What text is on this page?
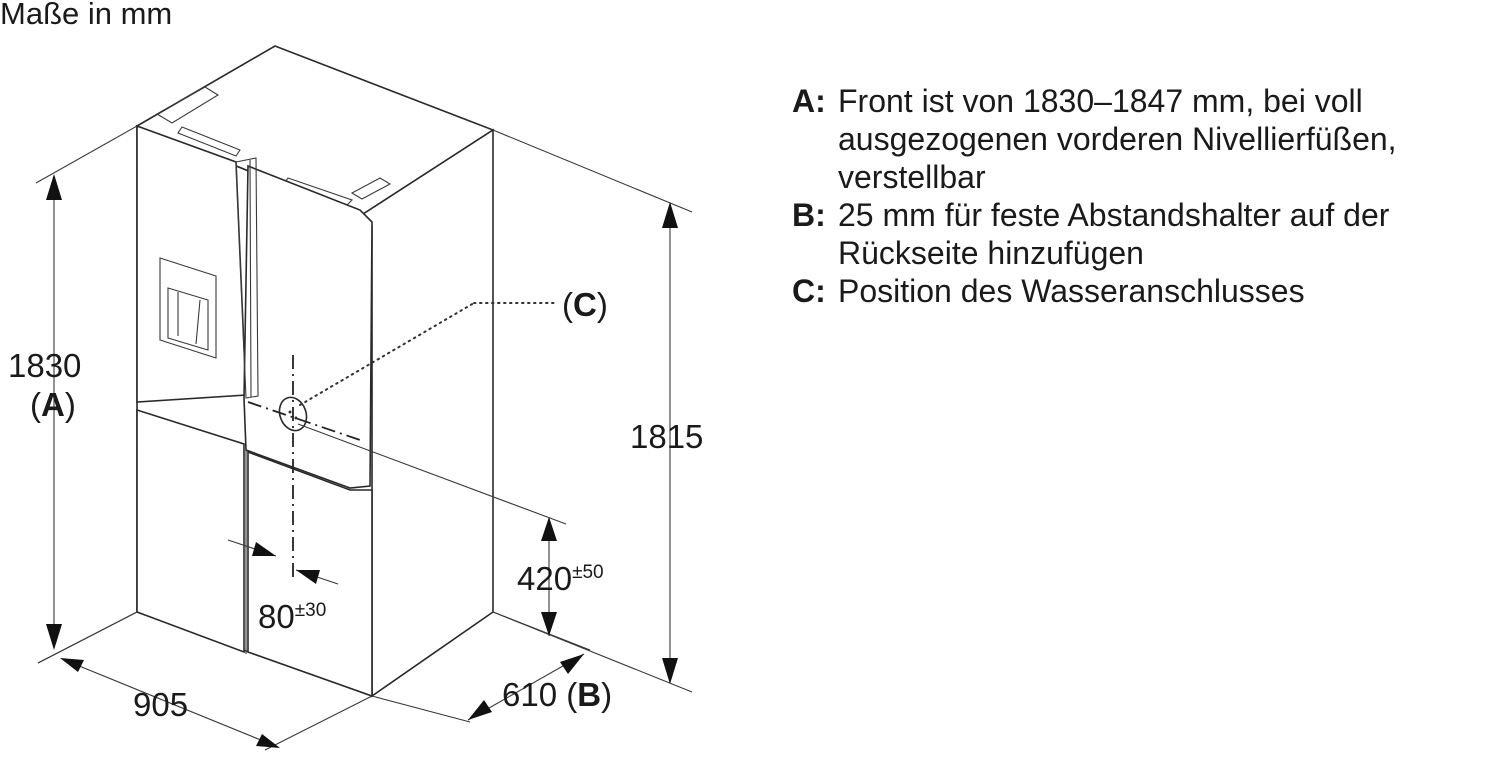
Maße in mm
1830
(A)
1815
905	610 (B)
$420^{\pm 50}$
$80^{\pm 30}$
(C)
A: Front ist von 1830–1847 mm, bei voll
ausgezogenen vorderen Nivellierfüßen,
verstellbar
B: 25 mm für feste Abstandshalter auf der
Rückseite hinzufügen
C: Position des Wasseranschlusses
